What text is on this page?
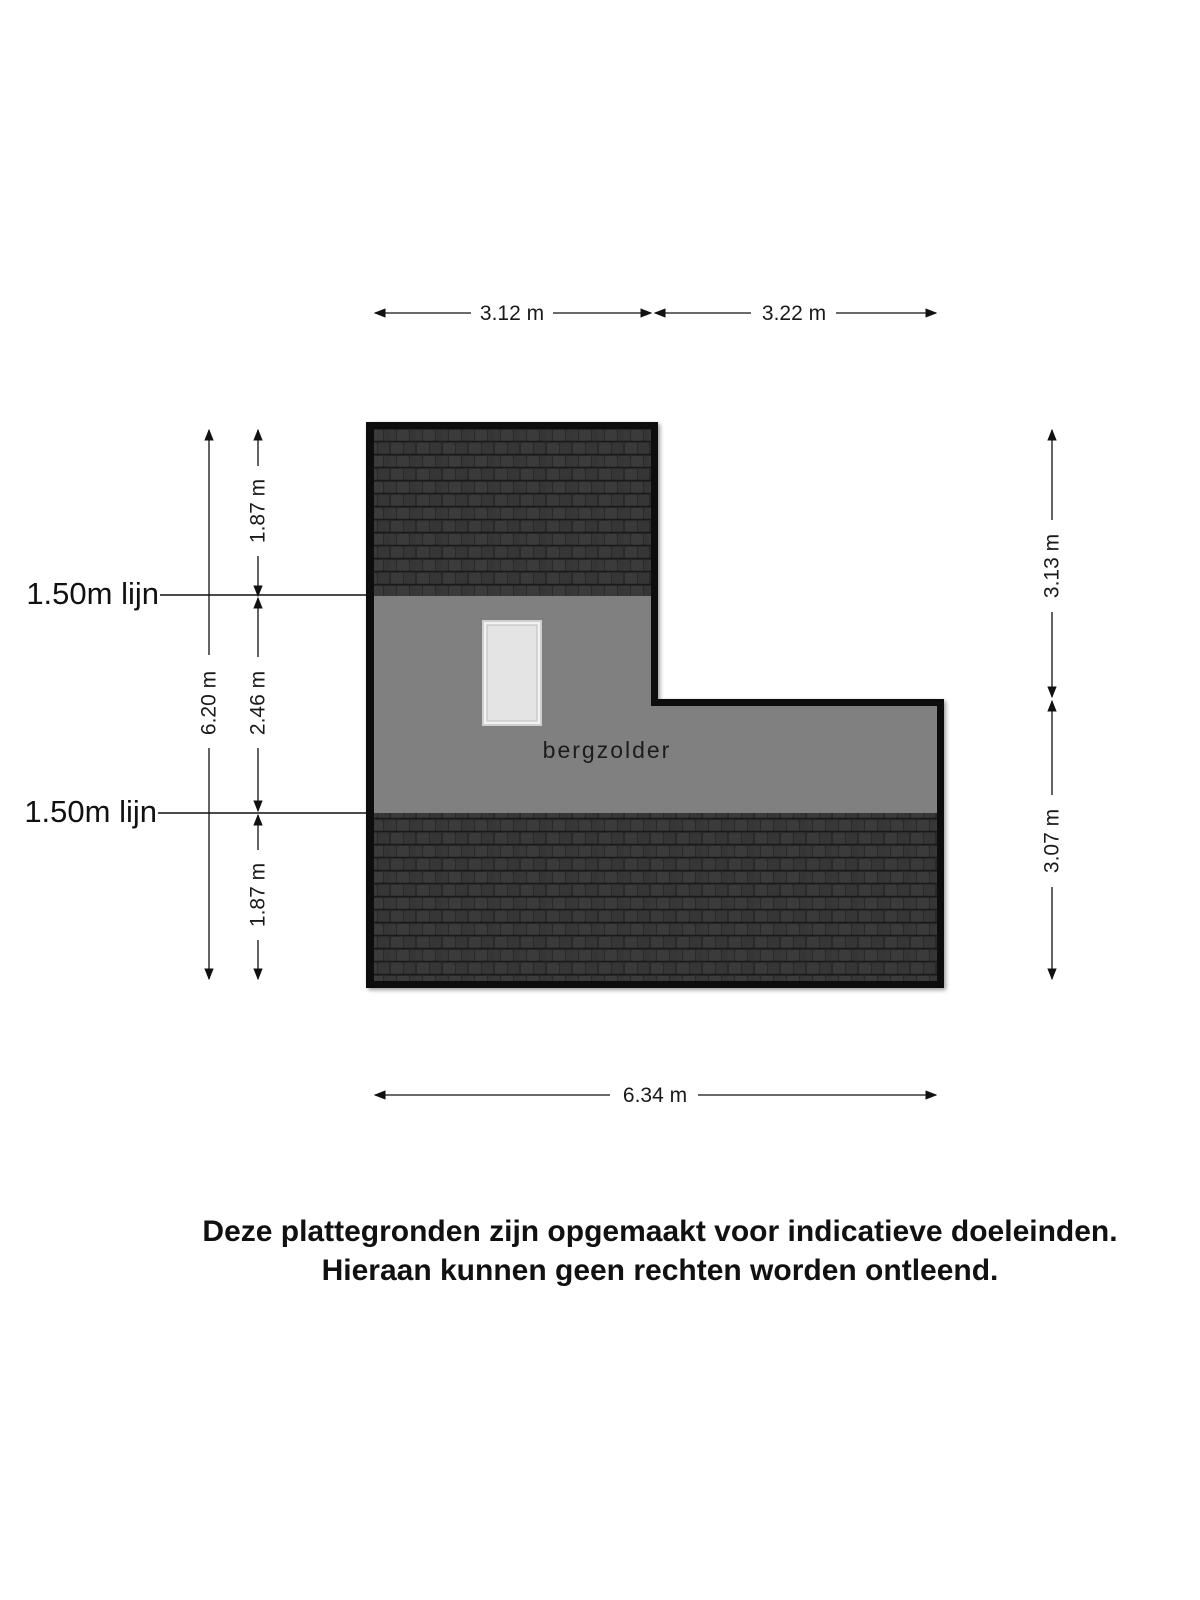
bergzolder
3.12 m	3.22 m
6.34 m
6.20 m
1.87 m
2.46 m
1.87 m
3.13 m
3.07 m
1.50m lijn
1.50m lijn
Deze plattegronden zijn opgemaakt voor indicatieve doeleinden.
Hieraan kunnen geen rechten worden ontleend.
